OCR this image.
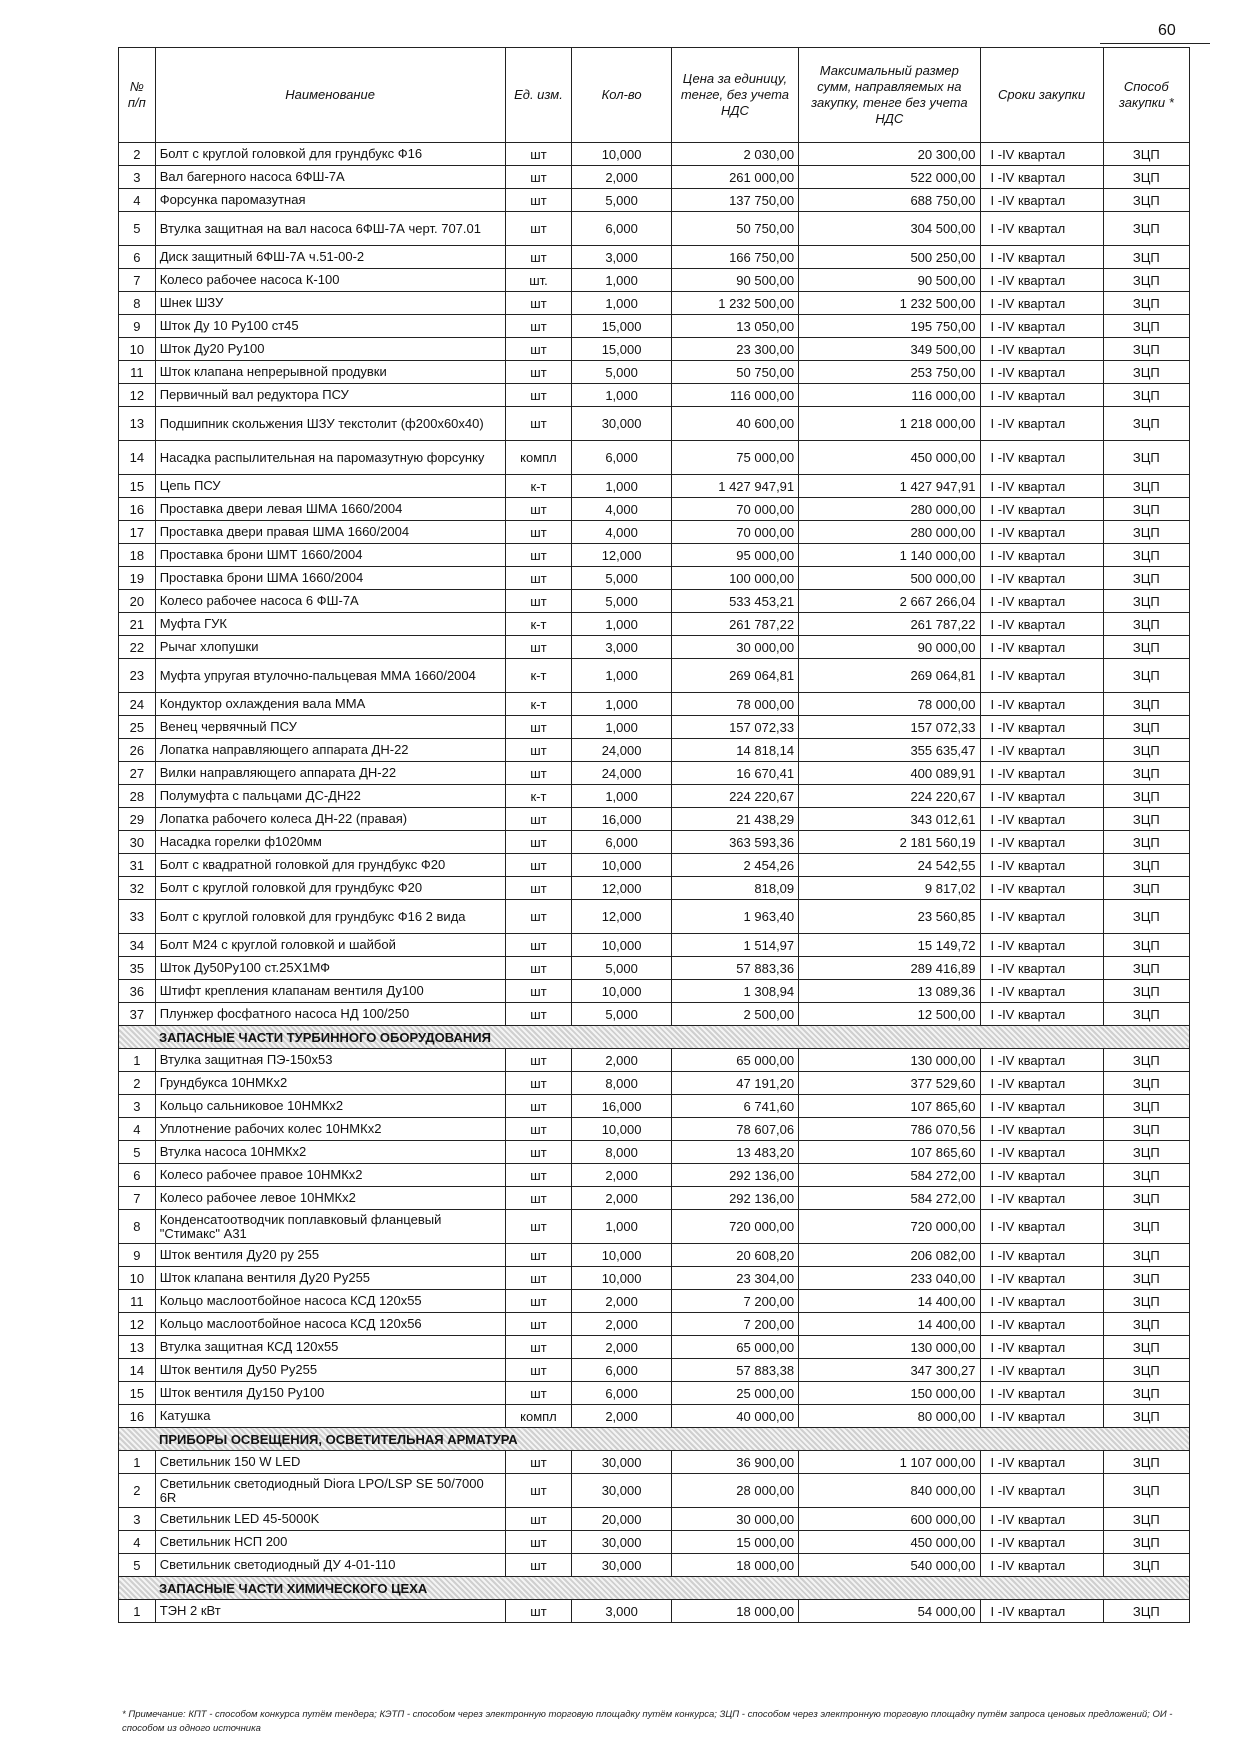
60
№ п/п	Наименование	Ед. изм.	Кол-во	Цена за единицу, тенге, без учета НДС	Максимальный размер сумм, направляемых на закупку, тенге без учета НДС	Сроки закупки	Способ закупки *
2	Болт с круглой головкой для грундбукс Ф16	шт	10,000	2 030,00	20 300,00	I -IV квартал	ЗЦП
3	Вал багерного насоса 6ФШ-7А	шт	2,000	261 000,00	522 000,00	I -IV квартал	ЗЦП
4	Форсунка паромазутная	шт	5,000	137 750,00	688 750,00	I -IV квартал	ЗЦП
5	Втулка защитная на вал насоса 6ФШ-7А черт. 707.01	шт	6,000	50 750,00	304 500,00	I -IV квартал	ЗЦП
6	Диск защитный 6ФШ-7А ч.51-00-2	шт	3,000	166 750,00	500 250,00	I -IV квартал	ЗЦП
7	Колесо рабочее насоса К-100	шт.	1,000	90 500,00	90 500,00	I -IV квартал	ЗЦП
8	Шнек ШЗУ	шт	1,000	1 232 500,00	1 232 500,00	I -IV квартал	ЗЦП
9	Шток Ду 10 Ру100 ст45	шт	15,000	13 050,00	195 750,00	I -IV квартал	ЗЦП
10	Шток Ду20 Ру100	шт	15,000	23 300,00	349 500,00	I -IV квартал	ЗЦП
11	Шток клапана непрерывной продувки	шт	5,000	50 750,00	253 750,00	I -IV квартал	ЗЦП
12	Первичный вал редуктора ПСУ	шт	1,000	116 000,00	116 000,00	I -IV квартал	ЗЦП
13	Подшипник скольжения ШЗУ текстолит (ф200х60х40)	шт	30,000	40 600,00	1 218 000,00	I -IV квартал	ЗЦП
14	Насадка распылительная на паромазутную форсунку	компл	6,000	75 000,00	450 000,00	I -IV квартал	ЗЦП
15	Цепь ПСУ	к-т	1,000	1 427 947,91	1 427 947,91	I -IV квартал	ЗЦП
16	Проставка двери левая ШМА 1660/2004	шт	4,000	70 000,00	280 000,00	I -IV квартал	ЗЦП
17	Проставка двери правая ШМА 1660/2004	шт	4,000	70 000,00	280 000,00	I -IV квартал	ЗЦП
18	Проставка брони ШМТ 1660/2004	шт	12,000	95 000,00	1 140 000,00	I -IV квартал	ЗЦП
19	Проставка брони ШМА 1660/2004	шт	5,000	100 000,00	500 000,00	I -IV квартал	ЗЦП
20	Колесо рабочее насоса 6 ФШ-7А	шт	5,000	533 453,21	2 667 266,04	I -IV квартал	ЗЦП
21	Муфта ГУК	к-т	1,000	261 787,22	261 787,22	I -IV квартал	ЗЦП
22	Рычаг хлопушки	шт	3,000	30 000,00	90 000,00	I -IV квартал	ЗЦП
23	Муфта упругая втулочно-пальцевая ММА 1660/2004	к-т	1,000	269 064,81	269 064,81	I -IV квартал	ЗЦП
24	Кондуктор охлаждения вала ММА	к-т	1,000	78 000,00	78 000,00	I -IV квартал	ЗЦП
25	Венец червячный ПСУ	шт	1,000	157 072,33	157 072,33	I -IV квартал	ЗЦП
26	Лопатка направляющего аппарата ДН-22	шт	24,000	14 818,14	355 635,47	I -IV квартал	ЗЦП
27	Вилки направляющего аппарата ДН-22	шт	24,000	16 670,41	400 089,91	I -IV квартал	ЗЦП
28	Полумуфта с пальцами ДС-ДН22	к-т	1,000	224 220,67	224 220,67	I -IV квартал	ЗЦП
29	Лопатка рабочего колеса ДН-22 (правая)	шт	16,000	21 438,29	343 012,61	I -IV квартал	ЗЦП
30	Насадка горелки ф1020мм	шт	6,000	363 593,36	2 181 560,19	I -IV квартал	ЗЦП
31	Болт с квадратной головкой для грундбукс Ф20	шт	10,000	2 454,26	24 542,55	I -IV квартал	ЗЦП
32	Болт с круглой головкой для грундбукс Ф20	шт	12,000	818,09	9 817,02	I -IV квартал	ЗЦП
33	Болт с круглой головкой для грундбукс Ф16 2 вида	шт	12,000	1 963,40	23 560,85	I -IV квартал	ЗЦП
34	Болт М24 с круглой головкой и шайбой	шт	10,000	1 514,97	15 149,72	I -IV квартал	ЗЦП
35	Шток Ду50Ру100 ст.25Х1МФ	шт	5,000	57 883,36	289 416,89	I -IV квартал	ЗЦП
36	Штифт крепления клапанам вентиля Ду100	шт	10,000	1 308,94	13 089,36	I -IV квартал	ЗЦП
37	Плунжер фосфатного насоса НД 100/250	шт	5,000	2 500,00	12 500,00	I -IV квартал	ЗЦП
ЗАПАСНЫЕ ЧАСТИ ТУРБИННОГО ОБОРУДОВАНИЯ							
1	Втулка защитная ПЭ-150х53	шт	2,000	65 000,00	130 000,00	I -IV квартал	ЗЦП
2	Грундбукса 10НМКх2	шт	8,000	47 191,20	377 529,60	I -IV квартал	ЗЦП
3	Кольцо сальниковое 10НМКх2	шт	16,000	6 741,60	107 865,60	I -IV квартал	ЗЦП
4	Уплотнение рабочих колес 10НМКх2	шт	10,000	78 607,06	786 070,56	I -IV квартал	ЗЦП
5	Втулка насоса 10НМКх2	шт	8,000	13 483,20	107 865,60	I -IV квартал	ЗЦП
6	Колесо рабочее правое 10НМКх2	шт	2,000	292 136,00	584 272,00	I -IV квартал	ЗЦП
7	Колесо рабочее левое 10НМКх2	шт	2,000	292 136,00	584 272,00	I -IV квартал	ЗЦП
8	Конденсатоотводчик поплавковый фланцевый "Стимакс" А31	шт	1,000	720 000,00	720 000,00	I -IV квартал	ЗЦП
9	Шток вентиля Ду20 ру 255	шт	10,000	20 608,20	206 082,00	I -IV квартал	ЗЦП
10	Шток клапана вентиля Ду20 Ру255	шт	10,000	23 304,00	233 040,00	I -IV квартал	ЗЦП
11	Кольцо маслоотбойное насоса КСД 120х55	шт	2,000	7 200,00	14 400,00	I -IV квартал	ЗЦП
12	Кольцо маслоотбойное насоса КСД 120х56	шт	2,000	7 200,00	14 400,00	I -IV квартал	ЗЦП
13	Втулка защитная КСД 120х55	шт	2,000	65 000,00	130 000,00	I -IV квартал	ЗЦП
14	Шток вентиля Ду50 Ру255	шт	6,000	57 883,38	347 300,27	I -IV квартал	ЗЦП
15	Шток вентиля Ду150 Ру100	шт	6,000	25 000,00	150 000,00	I -IV квартал	ЗЦП
16	Катушка	компл	2,000	40 000,00	80 000,00	I -IV квартал	ЗЦП
ПРИБОРЫ ОСВЕЩЕНИЯ, ОСВЕТИТЕЛЬНАЯ АРМАТУРА							
1	Светильник 150 W LED	шт	30,000	36 900,00	1 107 000,00	I -IV квартал	ЗЦП
2	Светильник светодиодный Diora LPO/LSP SE 50/7000 6R	шт	30,000	28 000,00	840 000,00	I -IV квартал	ЗЦП
3	Светильник LED 45-5000K	шт	20,000	30 000,00	600 000,00	I -IV квартал	ЗЦП
4	Светильник НСП 200	шт	30,000	15 000,00	450 000,00	I -IV квартал	ЗЦП
5	Светильник светодиодный ДУ 4-01-110	шт	30,000	18 000,00	540 000,00	I -IV квартал	ЗЦП
ЗАПАСНЫЕ ЧАСТИ ХИМИЧЕСКОГО ЦЕХА							
1	ТЭН 2 кВт	шт	3,000	18 000,00	54 000,00	I -IV квартал	ЗЦП
* Примечание: КПТ - способом конкурса путём тендера; КЭТП - способом через электронную торговую площадку путём конкурса; ЗЦП - способом через электронную торговую площадку путём запроса ценовых предложений; ОИ - способом из одного источника
